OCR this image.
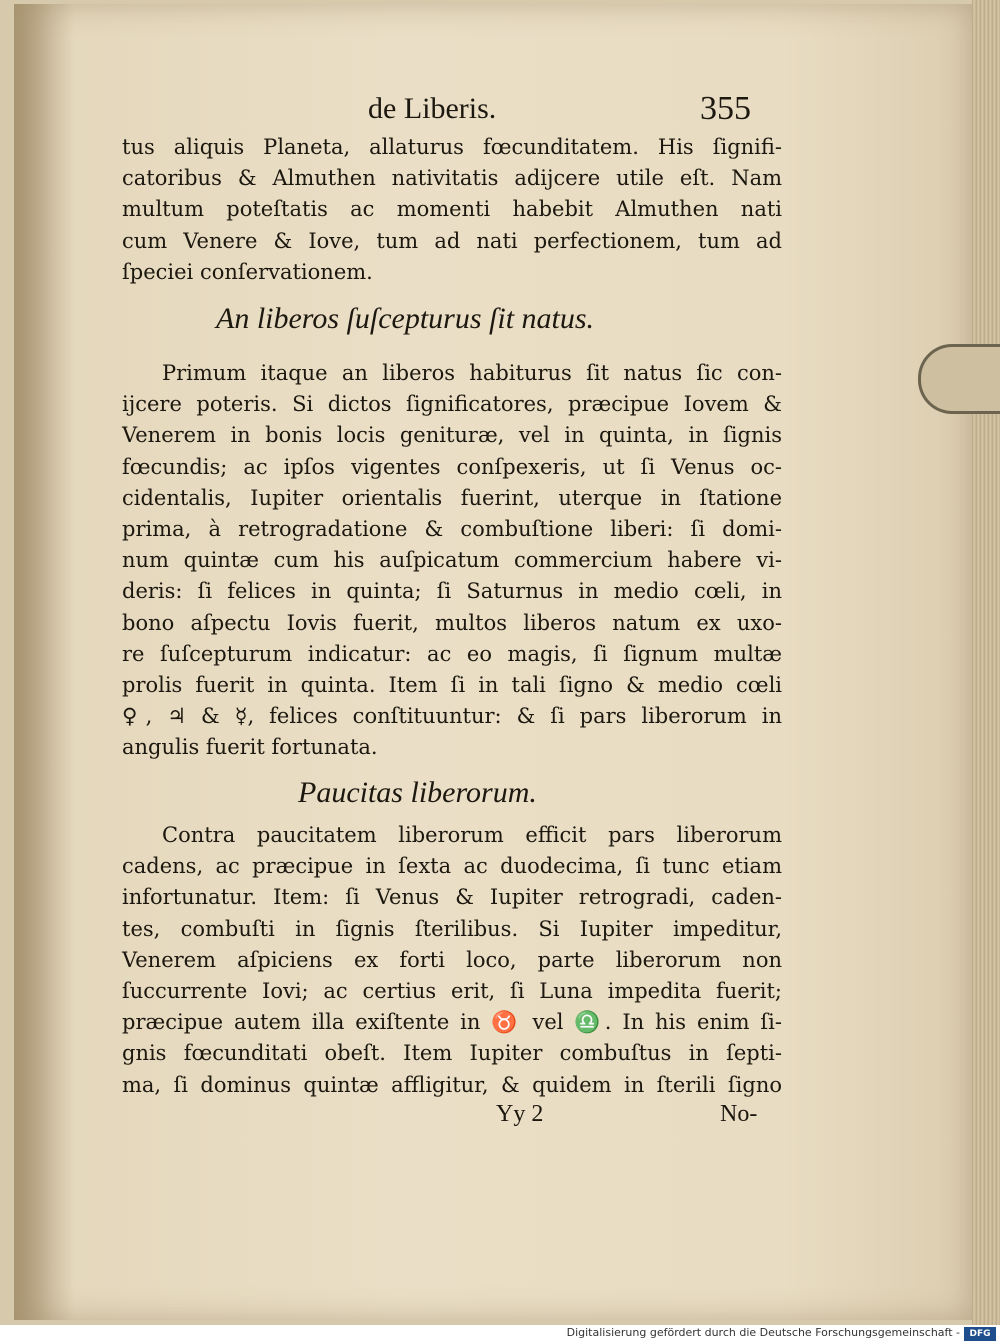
de Liberis.	355
tus aliquis Planeta, allaturus fœcunditatem. His ſignifi-
catoribus & Almuthen nativitatis adijcere utile eſt. Nam
multum poteſtatis ac momenti habebit Almuthen nati
cum Venere & Iove, tum ad nati perfectionem, tum ad
ſpeciei conſervationem.
An liberos ſuſcepturus ſit natus.
Primum itaque an liberos habiturus ſit natus ſic con-
ijcere poteris. Si dictos ſignificatores, præcipue Iovem &
Venerem in bonis locis genituræ, vel in quinta, in ſignis
fœcundis; ac ipſos vigentes conſpexeris, ut ſi Venus oc-
cidentalis, Iupiter orientalis fuerint, uterque in ſtatione
prima, à retrogradatione & combuſtione liberi: ſi domi-
num quintæ cum his auſpicatum commercium habere vi-
deris: ſi felices in quinta; ſi Saturnus in medio cœli, in
bono aſpectu Iovis fuerit, multos liberos natum ex uxo-
re ſuſcepturum indicatur: ac eo magis, ſi ſignum multæ
prolis fuerit in quinta. Item ſi in tali ſigno & medio cœli
♀, ♃ & ☿, felices conſtituuntur: & ſi pars liberorum in
angulis fuerit fortunata.
Paucitas liberorum.
Contra paucitatem liberorum efficit pars liberorum
cadens, ac præcipue in ſexta ac duodecima, ſi tunc etiam
infortunatur. Item: ſi Venus & Iupiter retrogradi, caden-
tes, combuſti in ſignis ſterilibus. Si Iupiter impeditur,
Venerem aſpiciens ex forti loco, parte liberorum non
ſuccurrente Iovi; ac certius erit, ſi Luna impedita fuerit;
præcipue autem illa exiſtente in ♉ vel ♎. In his enim ſi-
gnis fœcunditati obeſt. Item Iupiter combuſtus in ſepti-
ma, ſi dominus quintæ affligitur, & quidem in ſterili ſigno
Yy 2	No-
Digitalisierung gefördert durch die Deutsche Forschungsgemeinschaft -	DFG
